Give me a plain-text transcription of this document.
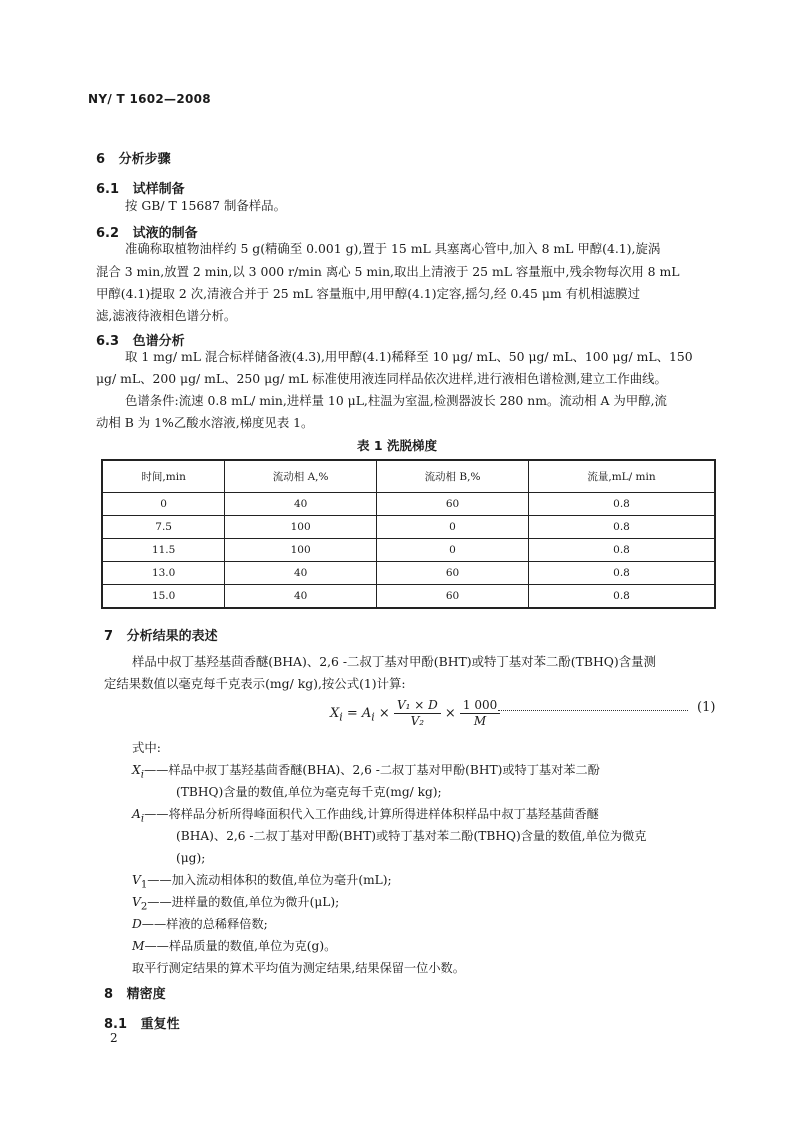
NY/ T 1602—2008
6 分析步骤
6.1 试样制备
按 GB/ T 15687 制备样品。
6.2 试液的制备
准确称取植物油样约 5 g(精确至 0.001 g),置于 15 mL 具塞离心管中,加入 8 mL 甲醇(4.1),旋涡
混合 3 min,放置 2 min,以 3 000 r/min 离心 5 min,取出上清液于 25 mL 容量瓶中,残余物每次用 8 mL
甲醇(4.1)提取 2 次,清液合并于 25 mL 容量瓶中,用甲醇(4.1)定容,摇匀,经 0.45 μm 有机相滤膜过
滤,滤液待液相色谱分析。
6.3 色谱分析
取 1 mg/ mL 混合标样储备液(4.3),用甲醇(4.1)稀释至 10 μg/ mL、50 μg/ mL、100 μg/ mL、150
μg/ mL、200 μg/ mL、250 μg/ mL 标准使用液连同样品依次进样,进行液相色谱检测,建立工作曲线。
色谱条件:流速 0.8 mL/ min,进样量 10 μL,柱温为室温,检测器波长 280 nm。流动相 A 为甲醇,流
动相 B 为 1%乙酸水溶液,梯度见表 1。
表 1 洗脱梯度
时间,min	流动相 A,%	流动相 B,%	流量,mL/ min
0	40	60	0.8
7.5	100	0	0.8
11.5	100	0	0.8
13.0	40	60	0.8
15.0	40	60	0.8
7 分析结果的表述
样品中叔丁基羟基茴香醚(BHA)、2,6 -二叔丁基对甲酚(BHT)或特丁基对苯二酚(TBHQ)含量测
定结果数值以毫克每千克表示(mg/ kg),按公式(1)计算:
$X_i = A_i \times \frac{\text{V₁ × D}}{\text{V₂}} \times \frac{1 000}{M}$	(1)
式中:
$X_i——$样品中叔丁基羟基茴香醚(BHA)、2,6 -二叔丁基对甲酚(BHT)或特丁基对苯二酚
(TBHQ)含量的数值,单位为毫克每千克(mg/ kg);
$A_i——$将样品分析所得峰面积代入工作曲线,计算所得进样体积样品中叔丁基羟基茴香醚
(BHA)、2,6 -二叔丁基对甲酚(BHT)或特丁基对苯二酚(TBHQ)含量的数值,单位为微克
(μg);
$V_1——$加入流动相体积的数值,单位为毫升(mL);
$V_2——$进样量的数值,单位为微升(μL);
D——样液的总稀释倍数;
M——样品质量的数值,单位为克(g)。
取平行测定结果的算术平均值为测定结果,结果保留一位小数。
8 精密度
8.1 重复性
2
